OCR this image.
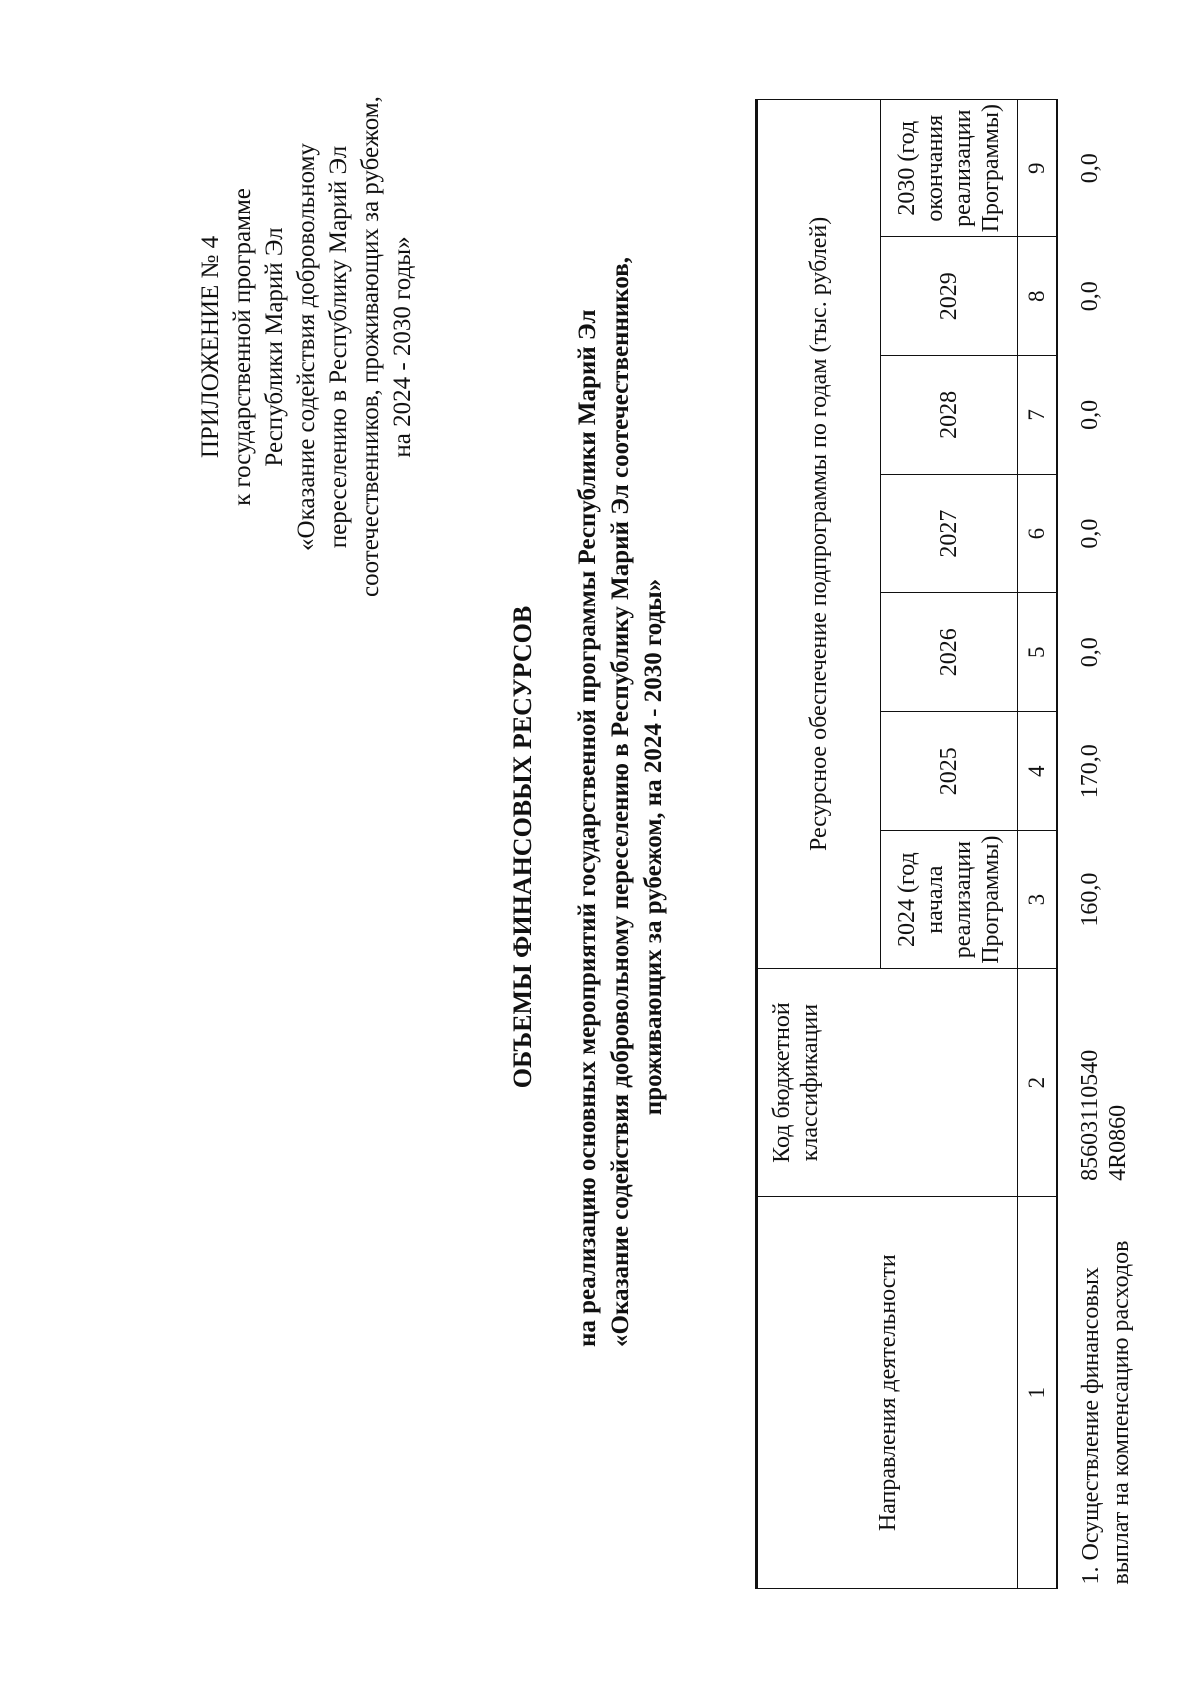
ПРИЛОЖЕНИЕ № 4 к государственной программе Республики Марий Эл «Оказание содействия добровольному переселению в Республику Марий Эл соотечественников, проживающих за рубежом, на 2024 - 2030 годы»
ОБЪЕМЫ ФИНАНСОВЫХ РЕСУРСОВ на реализацию основных мероприятий государственной программы Республики Марий Эл «Оказание содействия добровольному переселению в Республику Марий Эл соотечественников, проживающих за рубежом, на 2024 - 2030 годы»
Направления деятельности	Код бюджетной классификации	Ресурсное обеспечение подпрограммы по годам (тыс. рублей)						
		2024 (год начала реализации Программы)	2025	2026	2027	2028	2029	2030 (год окончания реализации Программы)
1	2	3	4	5	6	7	8	9
1. Осуществление финансовых выплат на компенсацию расходов	85603110540 4R0860	160,0	170,0	0,0	0,0	0,0	0,0	0,0
